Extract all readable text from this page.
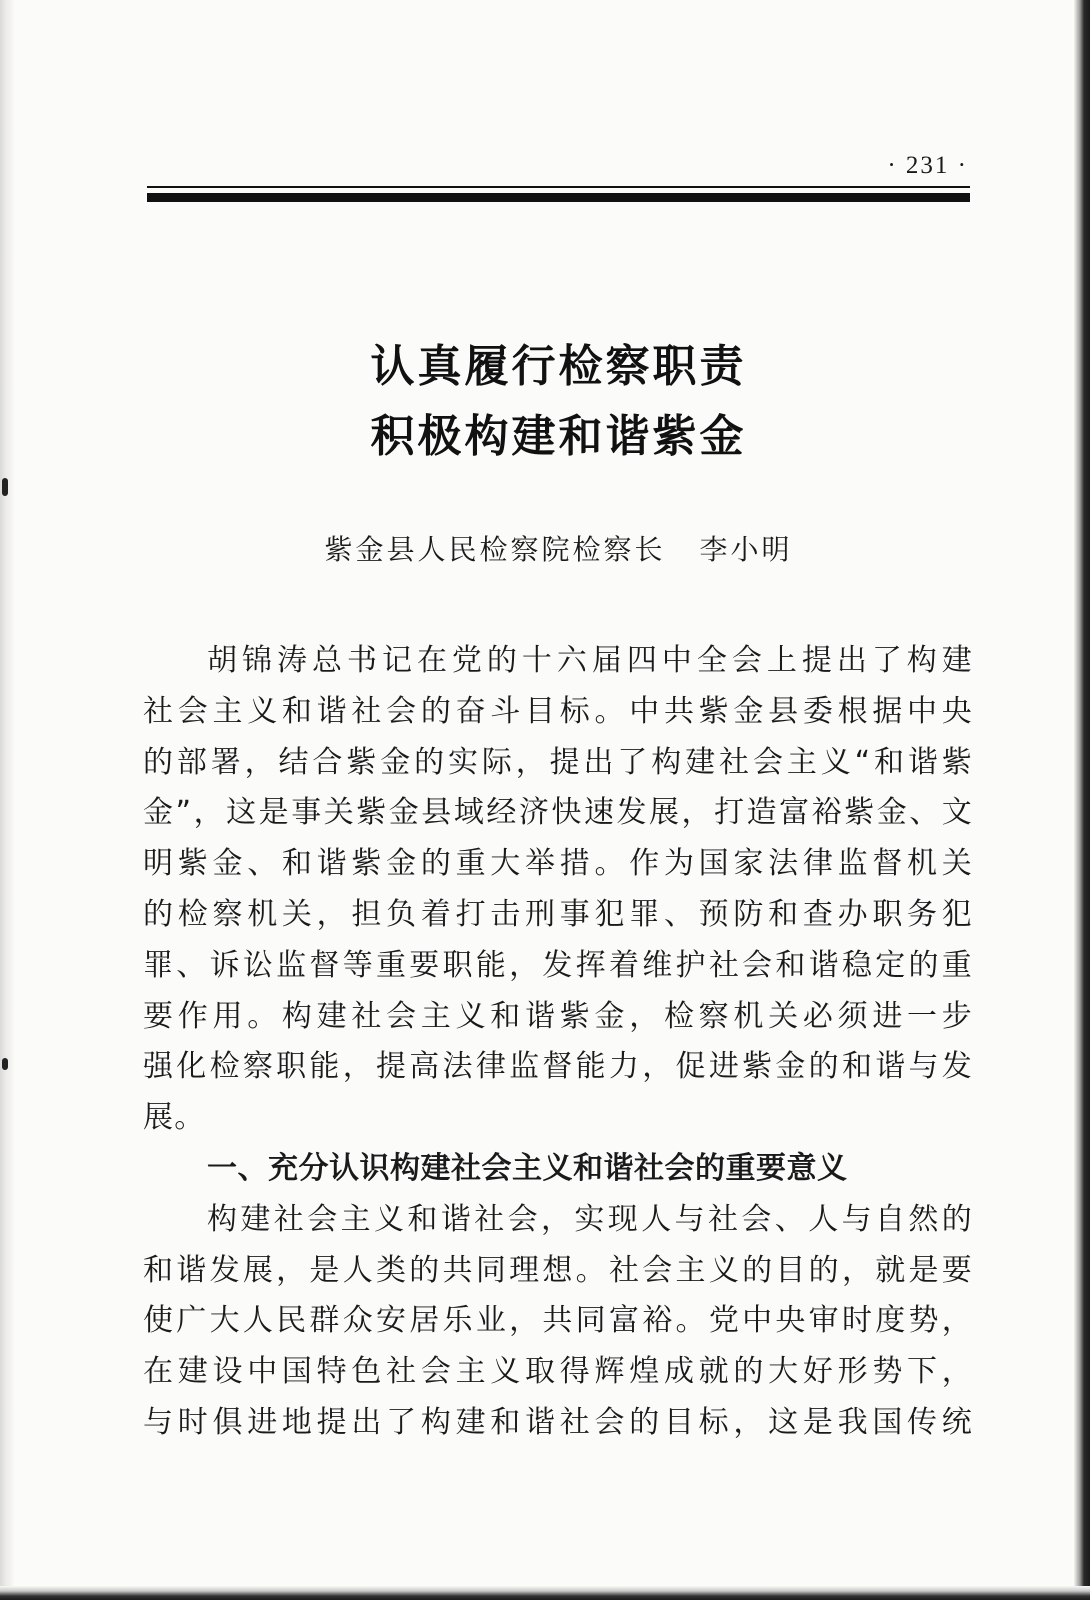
· 231 ·
认真履行检察职责
积极构建和谐紫金
紫金县人民检察院检察长 李小明
胡锦涛总书记在党的十六届四中全会上提出了构建
社会主义和谐社会的奋斗目标。中共紫金县委根据中央
的部署，结合紫金的实际，提出了构建社会主义“和谐紫
金”，这是事关紫金县域经济快速发展，打造富裕紫金、文
明紫金、和谐紫金的重大举措。作为国家法律监督机关
的检察机关，担负着打击刑事犯罪、预防和查办职务犯
罪、诉讼监督等重要职能，发挥着维护社会和谐稳定的重
要作用。构建社会主义和谐紫金，检察机关必须进一步
强化检察职能，提高法律监督能力，促进紫金的和谐与发
展。
一、充分认识构建社会主义和谐社会的重要意义
构建社会主义和谐社会，实现人与社会、人与自然的
和谐发展，是人类的共同理想。社会主义的目的，就是要
使广大人民群众安居乐业，共同富裕。党中央审时度势，
在建设中国特色社会主义取得辉煌成就的大好形势下，
与时俱进地提出了构建和谐社会的目标，这是我国传统
